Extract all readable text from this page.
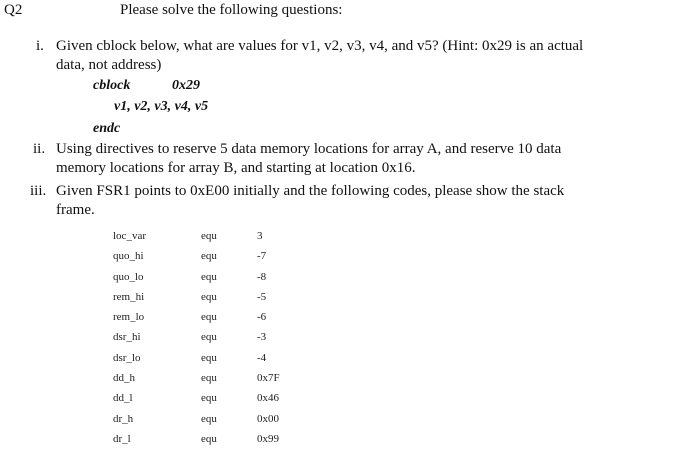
Q2	Please solve the following questions:
i. Given cblock below, what are values for v1, v2, v3, v4, and v5? (Hint: 0x29 is an actual
data, not address)
cblock	0x29
v1, v2, v3, v4, v5
endc
ii. Using directives to reserve 5 data memory locations for array A, and reserve 10 data
memory locations for array B, and starting at location 0x16.
iii. Given FSR1 points to 0xE00 initially and the following codes, please show the stack
frame.
loc_var	equ	3
quo_hi	equ	-7
quo_lo	equ	-8
rem_hi	equ	-5
rem_lo	equ	-6
dsr_hi	equ	-3
dsr_lo	equ	-4
dd_h	equ	0x7F
dd_l	equ	0x46
dr_h	equ	0x00
dr_l	equ	0x99
